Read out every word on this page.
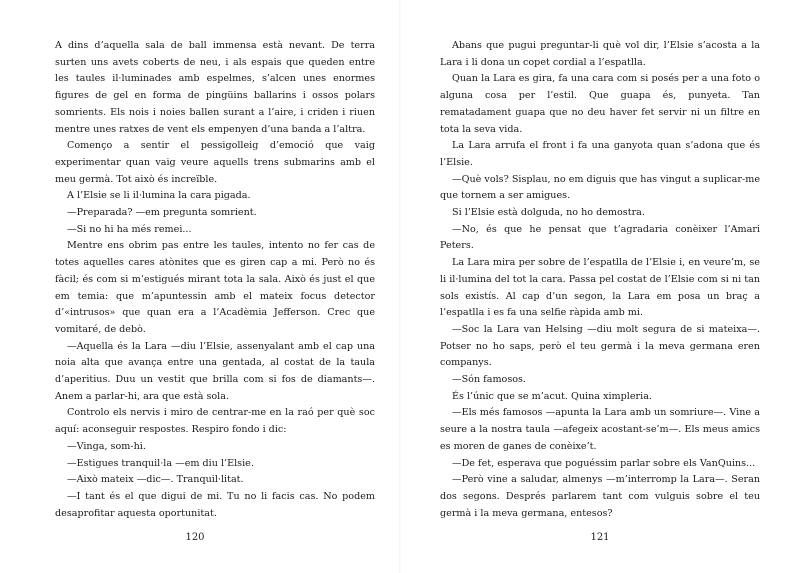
A dins d’aquella sala de ball immensa està nevant. De terra surten uns avets coberts de neu, i als espais que queden entre les taules il·luminades amb espelmes, s’alcen unes enormes figures de gel en forma de pingüins ballarins i ossos polars somrients. Els nois i noies ballen surant a l’aire, i criden i riuen mentre unes ratxes de vent els empenyen d’una banda a l’altra.

Començo a sentir el pessigolleig d’emoció que vaig experimentar quan vaig veure aquells trens submarins amb el meu germà. Tot això és increïble.

A l’Elsie se li il·lumina la cara pigada.

—Preparada? —em pregunta somrient.

—Si no hi ha més remei...

Mentre ens obrim pas entre les taules, intento no fer cas de totes aquelles cares atònites que es giren cap a mi. Però no és fàcil; és com si m’estigués mirant tota la sala. Això és just el que em temia: que m’apuntessin amb el mateix focus detector d’«intrusos» que quan era a l’Acadèmia Jefferson. Crec que vomitaré, de debò.

—Aquella és la Lara —diu l’Elsie, assenyalant amb el cap una noia alta que avança entre una gentada, al costat de la taula d’aperitius. Duu un vestit que brilla com si fos de diamants—. Anem a parlar-hi, ara que està sola.

Controlo els nervis i miro de centrar-me en la raó per què soc aquí: aconseguir respostes. Respiro fondo i dic:

—Vinga, som-hi.

—Estigues tranquil·la —em diu l’Elsie.

—Això mateix —dic—. Tranquil·litat.

—I tant és el que digui de mi. Tu no li facis cas. No podem desaprofitar aquesta oportunitat.

120

Abans que pugui preguntar-li què vol dir, l’Elsie s’acosta a la Lara i li dona un copet cordial a l’espatlla.

Quan la Lara es gira, fa una cara com si posés per a una foto o alguna cosa per l’estil. Que guapa és, punyeta. Tan rematadament guapa que no deu haver fet servir ni un filtre en tota la seva vida.

La Lara arrufa el front i fa una ganyota quan s’adona que és l’Elsie.

—Què vols? Sisplau, no em diguis que has vingut a suplicar-me que tornem a ser amigues.

Si l’Elsie està dolguda, no ho demostra.

—No, és que he pensat que t’agradaria conèixer l’Amari Peters.

La Lara mira per sobre de l’espatlla de l’Elsie i, en veure’m, se li il·lumina del tot la cara. Passa pel costat de l’Elsie com si ni tan sols existís. Al cap d’un segon, la Lara em posa un braç a l’espatlla i es fa una selfie ràpida amb mi.

—Soc la Lara van Helsing —diu molt segura de si mateixa—. Potser no ho saps, però el teu germà i la meva germana eren companys.

—Són famosos.

És l’únic que se m’acut. Quina ximpleria.

—Els més famosos —apunta la Lara amb un somriure—. Vine a seure a la nostra taula —afegeix acostant-se’m—. Els meus amics es moren de ganes de conèixe’t.

—De fet, esperava que poguéssim parlar sobre els VanQuins...

—Però vine a saludar, almenys —m’interromp la Lara—. Seran dos segons. Després parlarem tant com vulguis sobre el teu germà i la meva germana, entesos?

121
